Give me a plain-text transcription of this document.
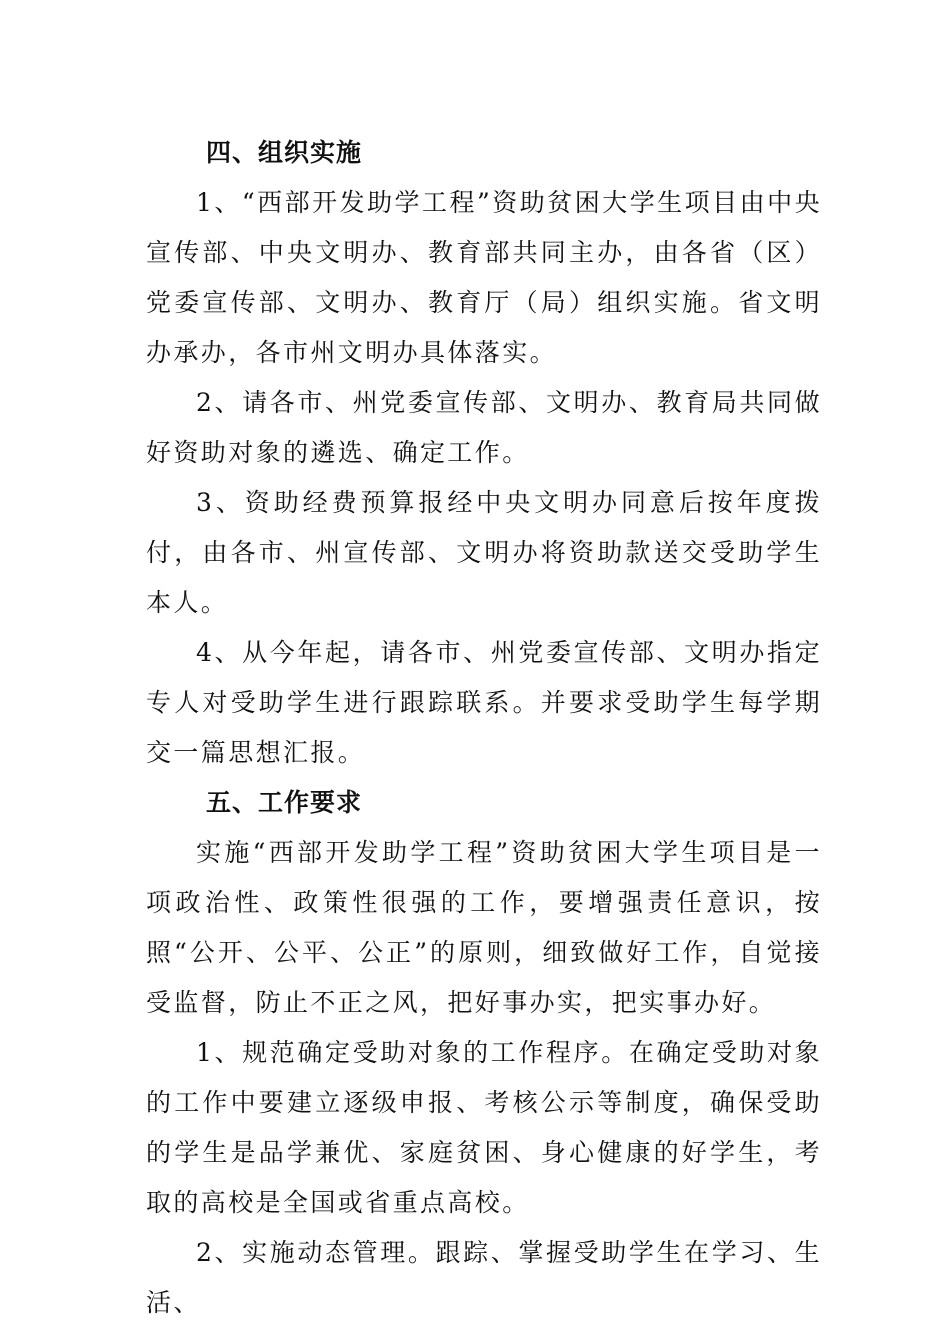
四、组织实施

1、“西部开发助学工程”资助贫困大学生项目由中央宣传部、中央文明办、教育部共同主办，由各省（区）党委宣传部、文明办、教育厅（局）组织实施。省文明办承办，各市州文明办具体落实。

2、请各市、州党委宣传部、文明办、教育局共同做好资助对象的遴选、确定工作。

3、资助经费预算报经中央文明办同意后按年度拨付，由各市、州宣传部、文明办将资助款送交受助学生本人。

4、从今年起，请各市、州党委宣传部、文明办指定专人对受助学生进行跟踪联系。并要求受助学生每学期交一篇思想汇报。

五、工作要求

实施“西部开发助学工程”资助贫困大学生项目是一项政治性、政策性很强的工作，要增强责任意识，按照“公开、公平、公正”的原则，细致做好工作，自觉接受监督，防止不正之风，把好事办实，把实事办好。

1、规范确定受助对象的工作程序。在确定受助对象的工作中要建立逐级申报、考核公示等制度，确保受助的学生是品学兼优、家庭贫困、身心健康的好学生，考取的高校是全国或省重点高校。

2、实施动态管理。跟踪、掌握受助学生在学习、生活、
